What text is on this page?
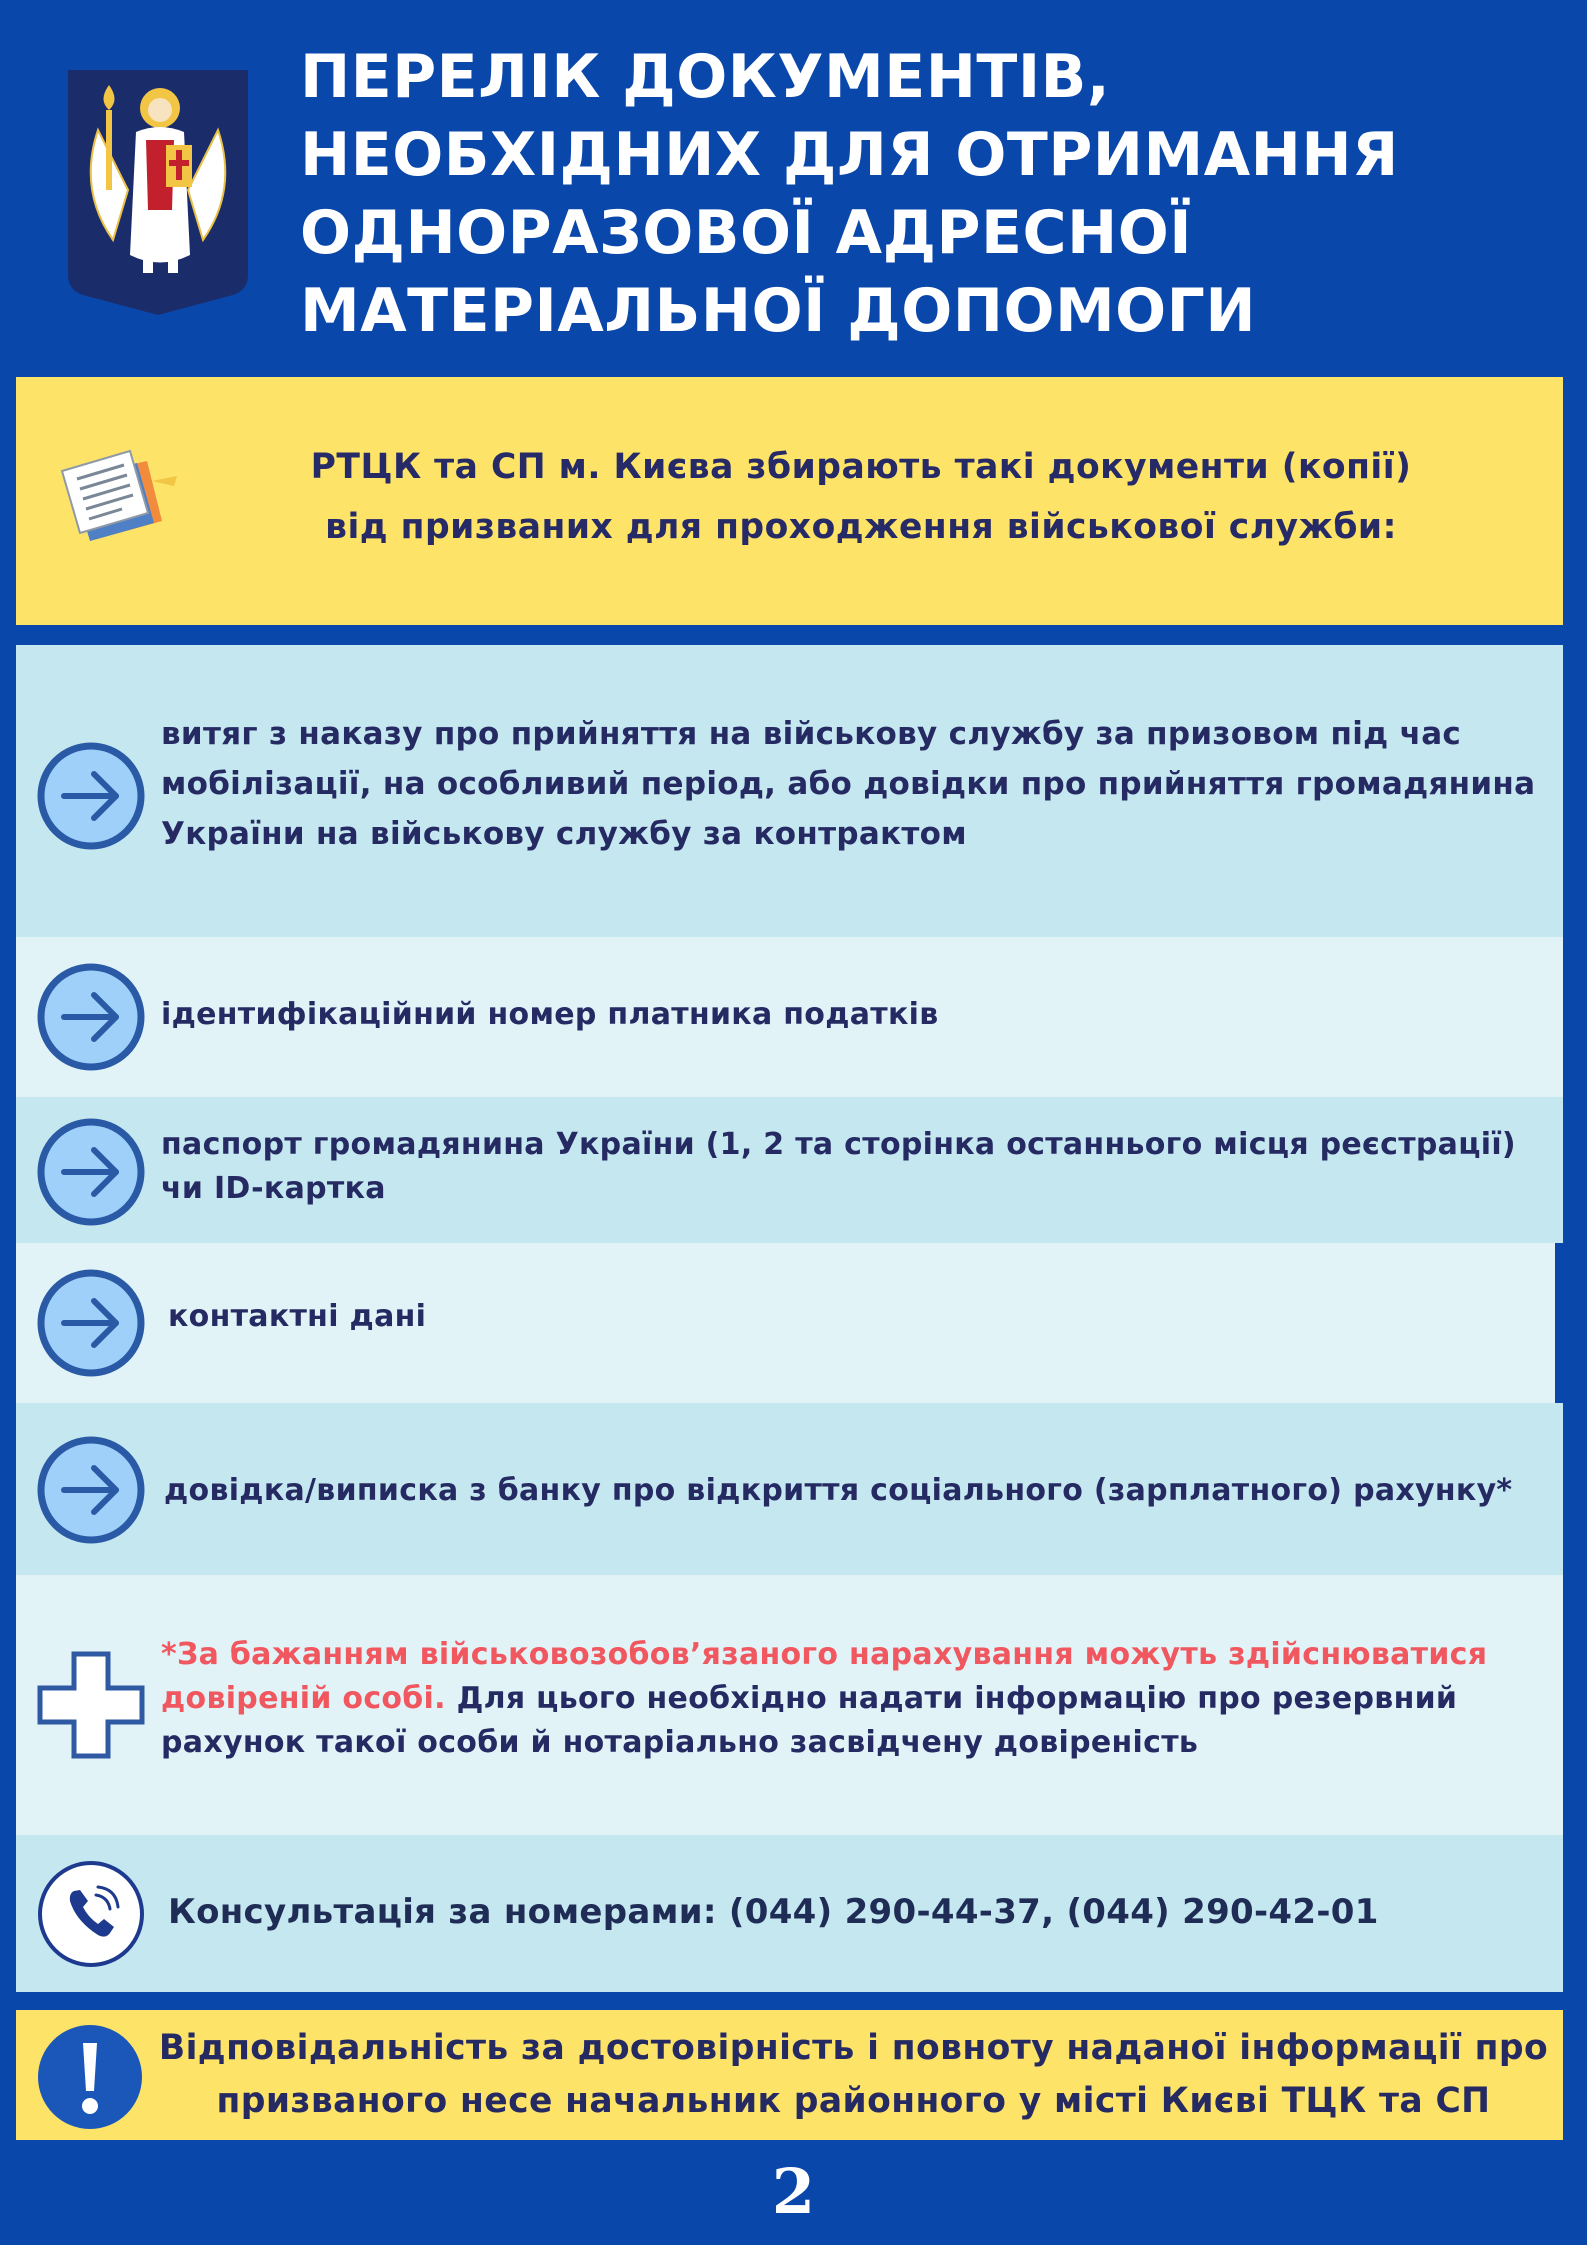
ПЕРЕЛІК ДОКУМЕНТІВ, НЕОБХІДНИХ ДЛЯ ОТРИМАННЯ ОДНОРАЗОВОЇ АДРЕСНОЇ МАТЕРІАЛЬНОЇ ДОПОМОГИ
РТЦК та СП м. Києва збирають такі документи (копії)
від призваних для проходження військової служби:
витяг з наказу про прийняття на військову службу за призовом під час мобілізації, на особливий період, або довідки про прийняття громадянина України на військову службу за контрактом
ідентифікаційний номер платника податків
паспорт громадянина України (1, 2 та сторінка останнього місця реєстрації) чи ID-картка
контактні дані
довідка/виписка з банку про відкриття соціального (зарплатного) рахунку*
*За бажанням військовозобов’язаного нарахування можуть здійснюватися довіреній особі. Для цього необхідно надати інформацію про резервний рахунок такої особи й нотаріально засвідчену довіреність
Консультація за номерами: (044) 290-44-37, (044) 290-42-01
Відповідальність за достовірність і повноту наданої інформації про призваного несе начальник районного у місті Києві ТЦК та СП
2
